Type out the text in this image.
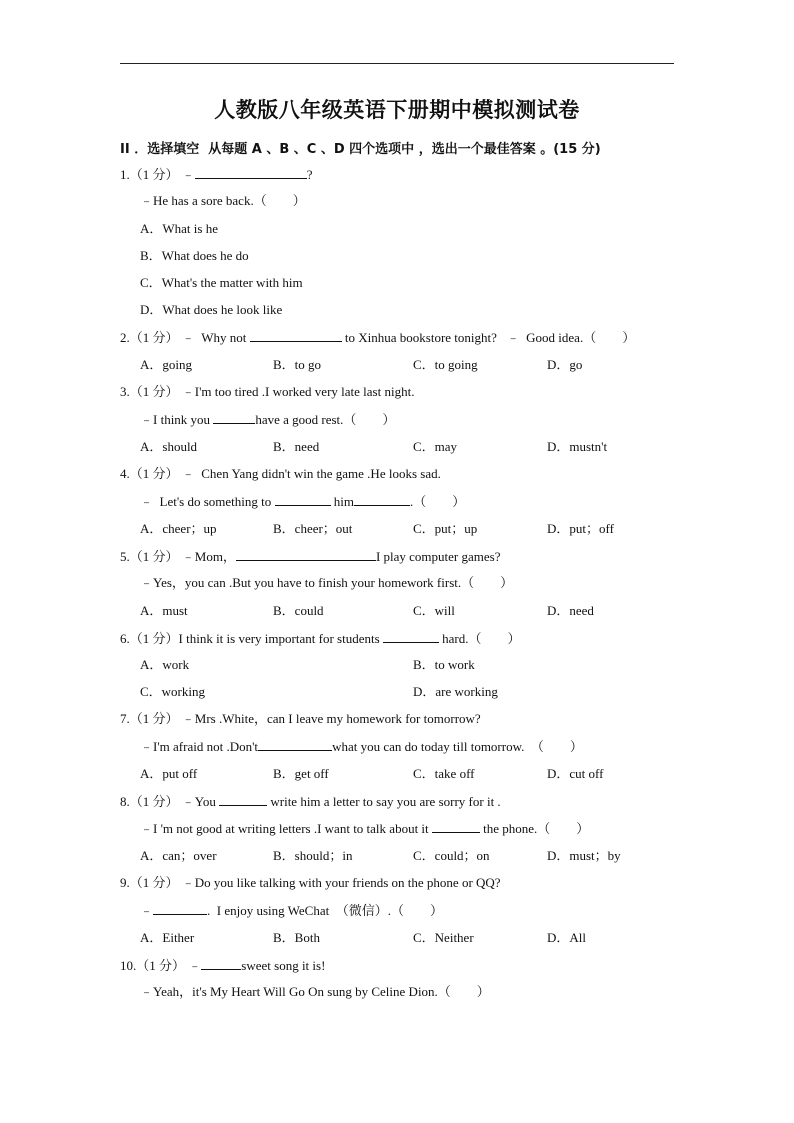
人教版八年级英语下册期中模拟测试卷
II ．选择填空  从每题 A 、B 、C 、D 四个选项中 ，选出一个最佳答案 。(15 分)
1.（1 分） ﹣	?
﹣He has a sore back.（        ）
A．What is he
B．What does he do
C．What's the matter with him
D．What does he look like
2.（1 分） ﹣  Why not	to Xinhua bookstore tonight?   ﹣  Good idea.（        ）
A．going	B．to go	C．to going	D．go
3.（1 分） ﹣I'm too tired .I worked very late last night.
﹣I think you	have a good rest.（        ）
A．should	B．need	C．may	D．mustn't
4.（1 分） ﹣  Chen Yang didn't win the game .He looks sad.
﹣  Let's do something to	him	.（        ）
A．cheer；up	B．cheer；out	C．put；up	D．put；off
5.（1 分） ﹣Mom，	I play computer games?
﹣Yes，you can .But you have to finish your homework first.（        ）
A．must	B．could	C．will	D．need
6.（1 分）I think it is very important for students	hard.（        ）
A．work	B．to work
C．working	D．are working
7.（1 分） ﹣Mrs .White，can I leave my homework for tomorrow?
﹣I'm afraid not .Don't	what you can do today till tomorrow.  （        ）
A．put off	B．get off	C．take off	D．cut off
8.（1 分） ﹣You	write him a letter to say you are sorry for it .
﹣I 'm not good at writing letters .I want to talk about it	the phone.（        ）
A．can；over	B．should；in	C．could；on	D．must；by
9.（1 分） ﹣Do you like talking with your friends on the phone or QQ?
﹣	.  I enjoy using WeChat  （微信）.（        ）
A．Either	B．Both	C．Neither	D．All
10.（1 分） ﹣	sweet song it is!
﹣Yeah，it's My Heart Will Go On sung by Celine Dion.（        ）
